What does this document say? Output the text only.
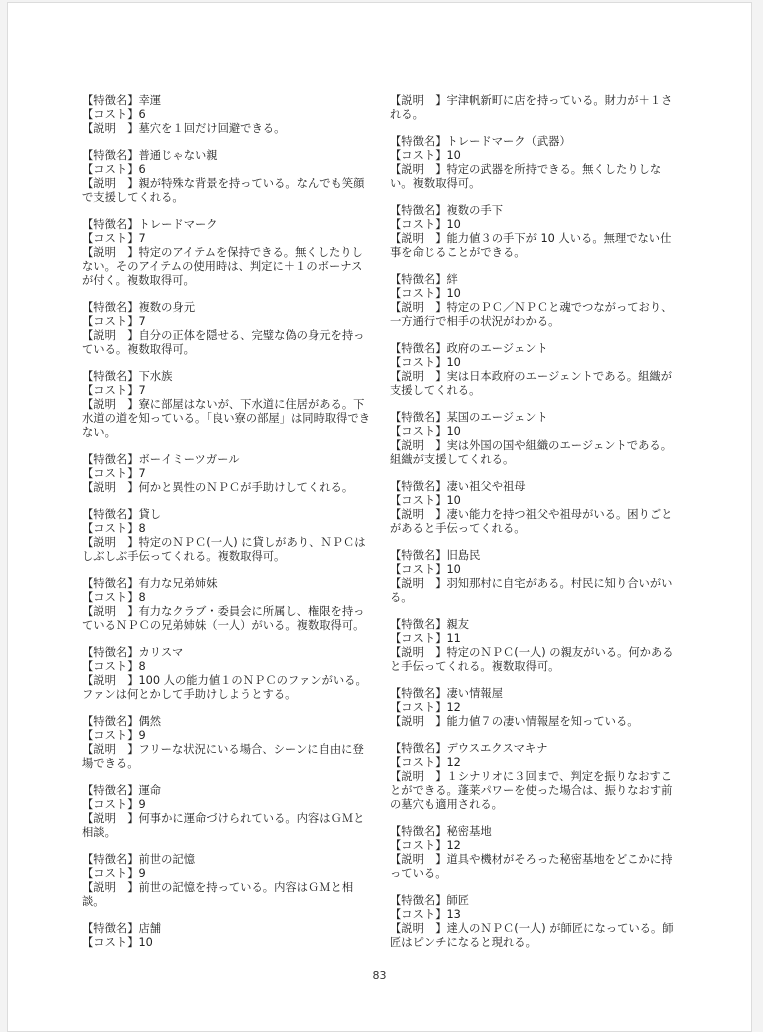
【特徴名】幸運
【コスト】6
【説明　】墓穴を１回だけ回避できる。
【特徴名】普通じゃない親
【コスト】6
【説明　】親が特殊な背景を持っている。なんでも笑顔で支援してくれる。
【特徴名】トレードマーク
【コスト】7
【説明　】特定のアイテムを保持できる。無くしたりしない。そのアイテムの使用時は、判定に＋１のボーナスが付く。複数取得可。
【特徴名】複数の身元
【コスト】7
【説明　】自分の正体を隠せる、完璧な偽の身元を持っている。複数取得可。
【特徴名】下水族
【コスト】7
【説明　】寮に部屋はないが、下水道に住居がある。下水道の道を知っている。「良い寮の部屋」は同時取得できない。
【特徴名】ボーイミーツガール
【コスト】7
【説明　】何かと異性のＮＰＣが手助けしてくれる。
【特徴名】貸し
【コスト】8
【説明　】特定のＮＰＣ(一人) に貸しがあり、ＮＰＣはしぶしぶ手伝ってくれる。複数取得可。
【特徴名】有力な兄弟姉妹
【コスト】8
【説明　】有力なクラブ・委員会に所属し、権限を持っているＮＰＣの兄弟姉妹（一人）がいる。複数取得可。
【特徴名】カリスマ
【コスト】8
【説明　】100 人の能力値１のＮＰＣのファンがいる。ファンは何とかして手助けしようとする。
【特徴名】偶然
【コスト】9
【説明　】フリーな状況にいる場合、シーンに自由に登場できる。
【特徴名】運命
【コスト】9
【説明　】何事かに運命づけられている。内容はＧＭと相談。
【特徴名】前世の記憶
【コスト】9
【説明　】前世の記憶を持っている。内容はＧＭと相談。
【特徴名】店舗
【コスト】10
【説明　】宇津帆新町に店を持っている。財力が＋１される。
【特徴名】トレードマーク（武器）
【コスト】10
【説明　】特定の武器を所持できる。無くしたりしない。複数取得可。
【特徴名】複数の手下
【コスト】10
【説明　】能力値３の手下が 10 人いる。無理でない仕事を命じることができる。
【特徴名】絆
【コスト】10
【説明　】特定のＰＣ／ＮＰＣと魂でつながっており、一方通行で相手の状況がわかる。
【特徴名】政府のエージェント
【コスト】10
【説明　】実は日本政府のエージェントである。組織が支援してくれる。
【特徴名】某国のエージェント
【コスト】10
【説明　】実は外国の国や組織のエージェントである。組織が支援してくれる。
【特徴名】凄い祖父や祖母
【コスト】10
【説明　】凄い能力を持つ祖父や祖母がいる。困りごとがあると手伝ってくれる。
【特徴名】旧島民
【コスト】10
【説明　】羽知那村に自宅がある。村民に知り合いがいる。
【特徴名】親友
【コスト】11
【説明　】特定のＮＰＣ(一人) の親友がいる。何かあると手伝ってくれる。複数取得可。
【特徴名】凄い情報屋
【コスト】12
【説明　】能力値７の凄い情報屋を知っている。
【特徴名】デウスエクスマキナ
【コスト】12
【説明　】１シナリオに３回まで、判定を振りなおすことができる。蓬莱パワーを使った場合は、振りなおす前の墓穴も適用される。
【特徴名】秘密基地
【コスト】12
【説明　】道具や機材がそろった秘密基地をどこかに持っている。
【特徴名】師匠
【コスト】13
【説明　】達人のＮＰＣ(一人) が師匠になっている。師匠はピンチになると現れる。
83
